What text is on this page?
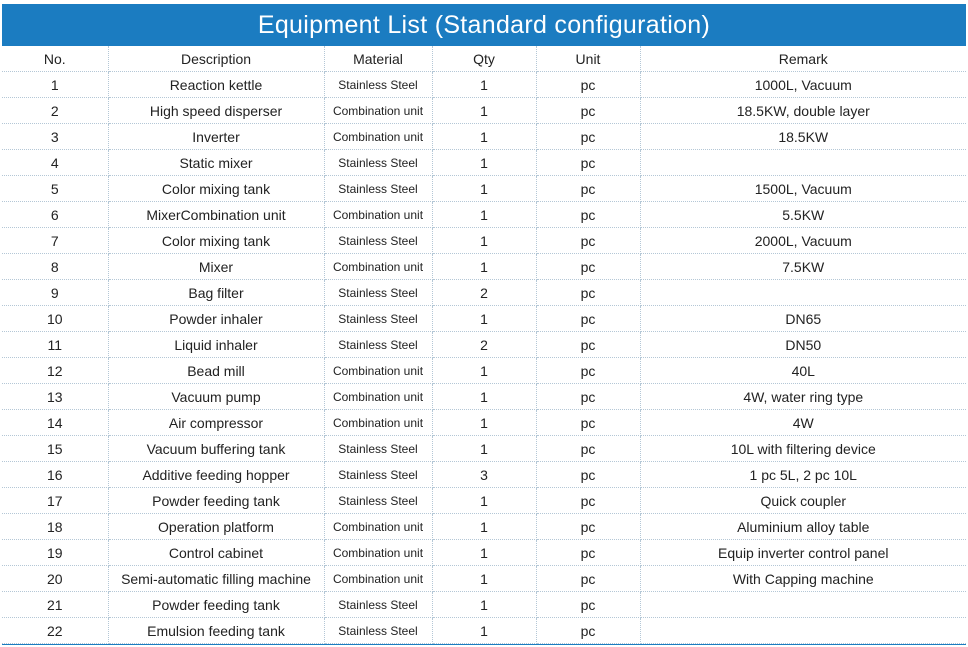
Equipment List (Standard configuration)
No.	Description	Material	Qty	Unit	Remark
1	Reaction kettle	Stainless Steel	1	pc	1000L, Vacuum
2	High speed disperser	Combination unit	1	pc	18.5KW, double layer
3	Inverter	Combination unit	1	pc	18.5KW
4	Static mixer	Stainless Steel	1	pc	
5	Color mixing tank	Stainless Steel	1	pc	1500L, Vacuum
6	MixerCombination unit	Combination unit	1	pc	5.5KW
7	Color mixing tank	Stainless Steel	1	pc	2000L, Vacuum
8	Mixer	Combination unit	1	pc	7.5KW
9	Bag filter	Stainless Steel	2	pc	
10	Powder inhaler	Stainless Steel	1	pc	DN65
11	Liquid inhaler	Stainless Steel	2	pc	DN50
12	Bead mill	Combination unit	1	pc	40L
13	Vacuum pump	Combination unit	1	pc	4W, water ring type
14	Air compressor	Combination unit	1	pc	4W
15	Vacuum buffering tank	Stainless Steel	1	pc	10L with filtering device
16	Additive feeding hopper	Stainless Steel	3	pc	1 pc 5L, 2 pc 10L
17	Powder feeding tank	Stainless Steel	1	pc	Quick coupler
18	Operation platform	Combination unit	1	pc	Aluminium alloy table
19	Control cabinet	Combination unit	1	pc	Equip inverter control panel
20	Semi-automatic filling machine	Combination unit	1	pc	With Capping machine
21	Powder feeding tank	Stainless Steel	1	pc	
22	Emulsion feeding tank	Stainless Steel	1	pc	
